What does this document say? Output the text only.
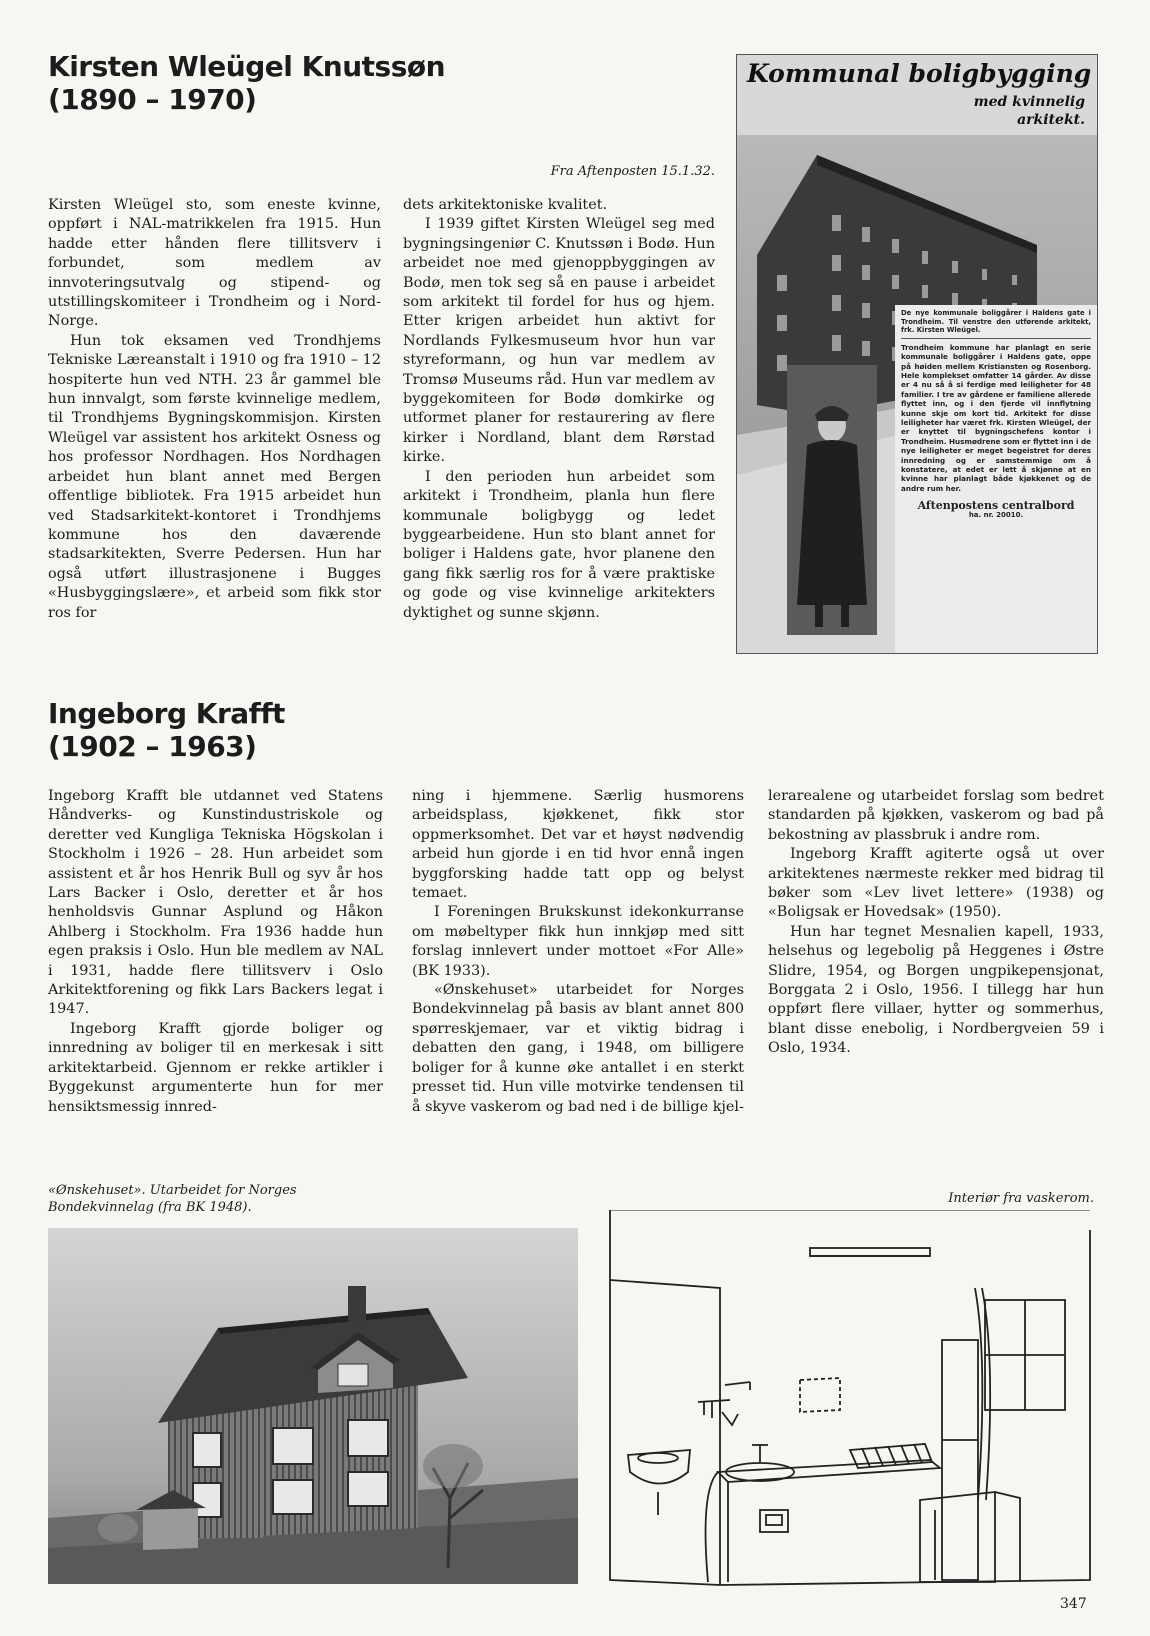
Kirsten Wleügel Knutssøn
(1890 – 1970)
Fra Aftenposten 15.1.32.

Kirsten Wleügel sto, som eneste kvinne, oppført i NAL-matrikkelen fra 1915. Hun hadde etter hånden flere tillitsverv i forbundet, som medlem av innvoteringsutvalg og stipend- og utstillingskomiteer i Trondheim og i Nord-Norge.

Hun tok eksamen ved Trondhjems Tekniske Læreanstalt i 1910 og fra 1910 – 12 hospiterte hun ved NTH. 23 år gammel ble hun innvalgt, som første kvinnelige medlem, til Trondhjems Bygningskommisjon. Kirsten Wleügel var assistent hos arkitekt Osness og hos professor Nordhagen. Hos Nordhagen arbeidet hun blant annet med Bergen offentlige bibliotek. Fra 1915 arbeidet hun ved Stadsarkitekt-kontoret i Trondhjems kommune hos den daværende stadsarkitekten, Sverre Pedersen. Hun har også utført illustrasjonene i Bugges «Husbyggingslære», et arbeid som fikk stor ros for

dets arkitektoniske kvalitet.

I 1939 giftet Kirsten Wleügel seg med bygningsingeniør C. Knutssøn i Bodø. Hun arbeidet noe med gjenoppbyggingen av Bodø, men tok seg så en pause i arbeidet som arkitekt til fordel for hus og hjem. Etter krigen arbeidet hun aktivt for Nordlands Fylkesmuseum hvor hun var styreformann, og hun var medlem av Tromsø Museums råd. Hun var medlem av byggekomiteen for Bodø domkirke og utformet planer for restaurering av flere kirker i Nordland, blant dem Rørstad kirke.

I den perioden hun arbeidet som arkitekt i Trondheim, planla hun flere kommunale boligbygg og ledet byggearbeidene. Hun sto blant annet for boliger i Haldens gate, hvor planene den gang fikk særlig ros for å være praktiske og gode og vise kvinnelige arkitekters dyktighet og sunne skjønn.

Kommunal boligbygging
med kvinnelig arkitekt.
De nye kommunale boliggårer i Haldens gate i Trondheim. Til venstre den utførende arkitekt, frk. Kirsten Wleügel.
Trondheim kommune har planlagt en serie kommunale boliggårer i Haldens gate, oppe på høiden mellem Kristiansten og Rosenborg. Hele komplekset omfatter 14 gårder. Av disse er 4 nu så å si ferdige med leiligheter for 48 familier. I tre av gårdene er familiene allerede flyttet inn, og i den fjerde vil innflytning kunne skje om kort tid. Arkitekt for disse leiligheter har været frk. Kirsten Wleügel, der er knyttet til bygningschefens kontor i Trondheim. Husmødrene som er flyttet inn i de nye leiligheter er meget begeistret for deres innredning og er samstemmige om å konstatere, at edet er lett å skjønne at en kvinne har planlagt både kjøkkenet og de andre rum her.
Aftenpostens centralbord
ha. nr. 20010.
Ingeborg Krafft
(1902 – 1963)

Ingeborg Krafft ble utdannet ved Statens Håndverks- og Kunstindustriskole og deretter ved Kungliga Tekniska Högskolan i Stockholm i 1926 – 28. Hun arbeidet som assistent et år hos Henrik Bull og syv år hos Lars Backer i Oslo, deretter et år hos henholdsvis Gunnar Asplund og Håkon Ahlberg i Stockholm. Fra 1936 hadde hun egen praksis i Oslo. Hun ble medlem av NAL i 1931, hadde flere tillitsverv i Oslo Arkitektforening og fikk Lars Backers legat i 1947.

Ingeborg Krafft gjorde boliger og innredning av boliger til en merkesak i sitt arkitektarbeid. Gjennom er rekke artikler i Byggekunst argumenterte hun for mer hensiktsmessig innred-

ning i hjemmene. Særlig husmorens arbeidsplass, kjøkkenet, fikk stor oppmerksomhet. Det var et høyst nødvendig arbeid hun gjorde i en tid hvor ennå ingen byggforsking hadde tatt opp og belyst temaet.

I Foreningen Brukskunst idekonkurranse om møbeltyper fikk hun innkjøp med sitt forslag innlevert under mottoet «For Alle» (BK 1933).

«Ønskehuset» utarbeidet for Norges Bondekvinnelag på basis av blant annet 800 spørreskjemaer, var et viktig bidrag i debatten den gang, i 1948, om billigere boliger for å kunne øke antallet i en sterkt presset tid. Hun ville motvirke tendensen til å skyve vaskerom og bad ned i de billige kjel-

lerarealene og utarbeidet forslag som bedret standarden på kjøkken, vaskerom og bad på bekostning av plassbruk i andre rom.

Ingeborg Krafft agiterte også ut over arkitektenes nærmeste rekker med bidrag til bøker som «Lev livet lettere» (1938) og «Boligsak er Hovedsak» (1950).

Hun har tegnet Mesnalien kapell, 1933, helsehus og legebolig på Heggenes i Østre Slidre, 1954, og Borgen ungpikepensjonat, Borggata 2 i Oslo, 1956. I tillegg har hun oppført flere villaer, hytter og sommerhus, blant disse enebolig, i Nordbergveien 59 i Oslo, 1934.

«Ønskehuset». Utarbeidet for Norges Bondekvinnelag (fra BK 1948).
Interiør fra vaskerom.
347
